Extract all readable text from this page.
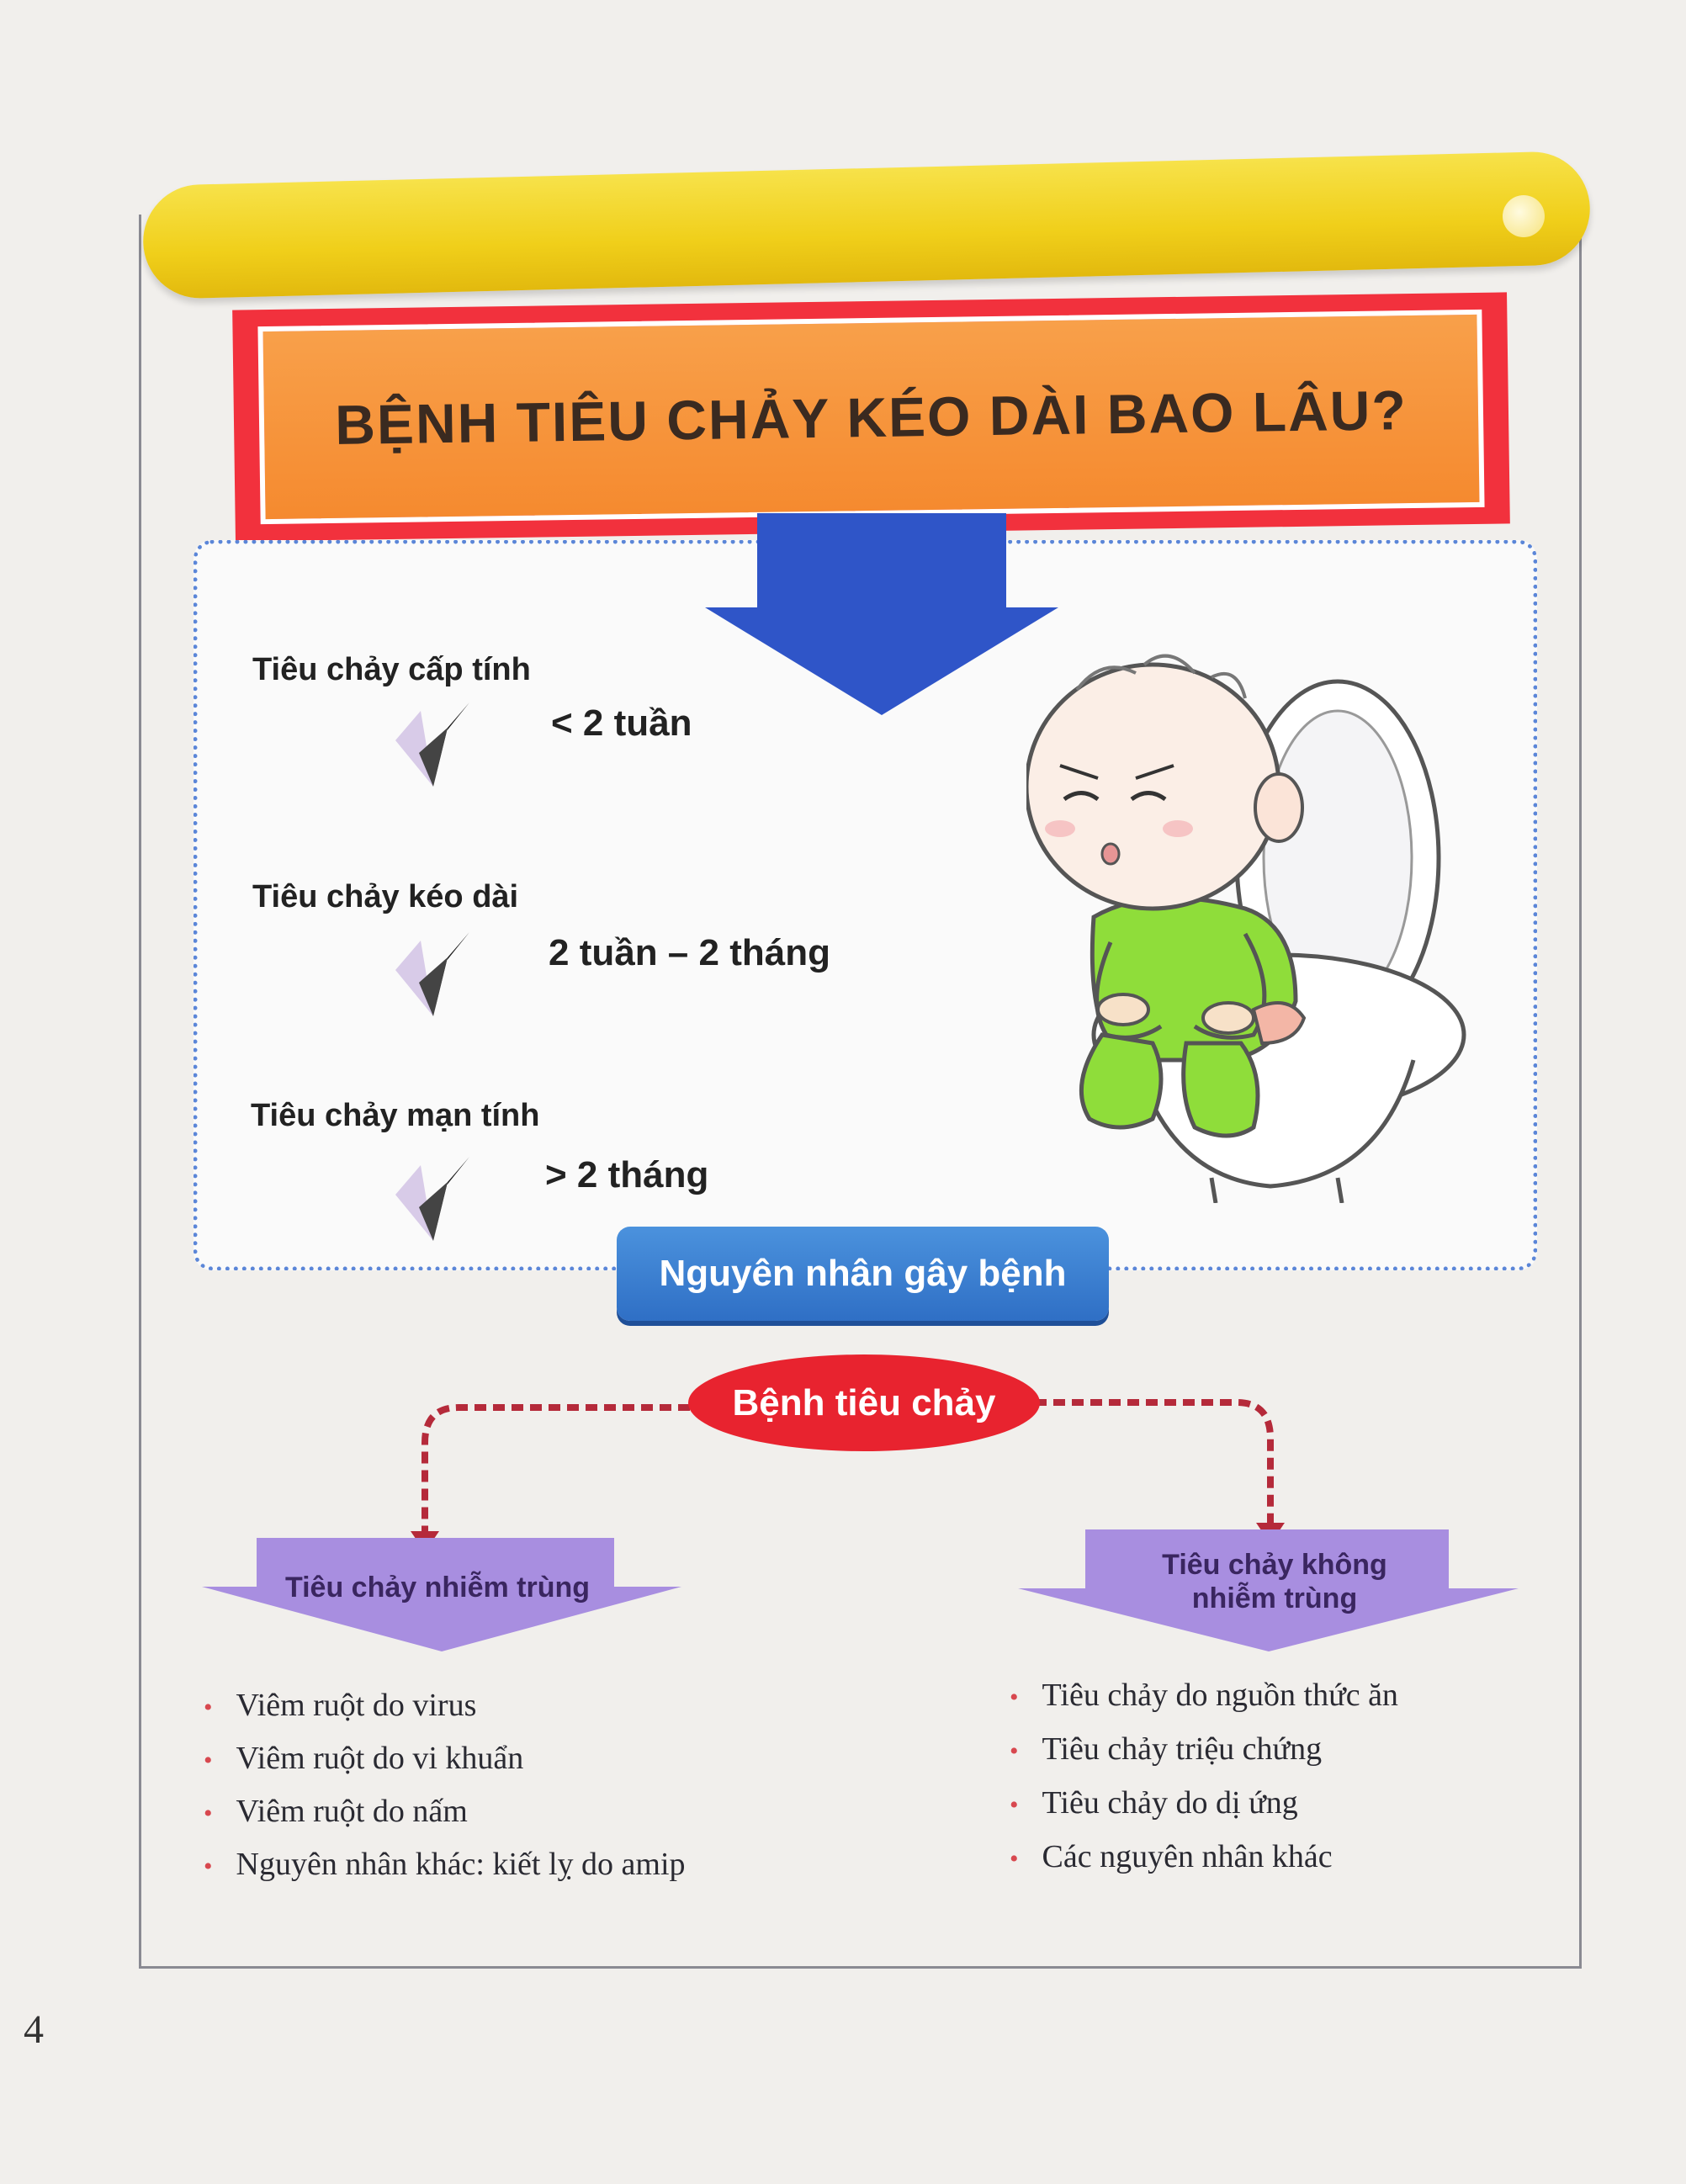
BỆNH TIÊU CHẢY KÉO DÀI BAO LÂU?
Tiêu chảy cấp tính
< 2 tuần
Tiêu chảy kéo dài
2 tuần – 2 tháng
Tiêu chảy mạn tính
> 2 tháng
Nguyên nhân gây bệnh
Bệnh tiêu chảy
Tiêu chảy nhiễm trùng
Tiêu chảy không
nhiễm trùng
• Viêm ruột do virus
• Viêm ruột do vi khuẩn
• Viêm ruột do nấm
• Nguyên nhân khác: kiết lỵ do amip
• Tiêu chảy do nguồn thức ăn
• Tiêu chảy triệu chứng
• Tiêu chảy do dị ứng
• Các nguyên nhân khác
4
